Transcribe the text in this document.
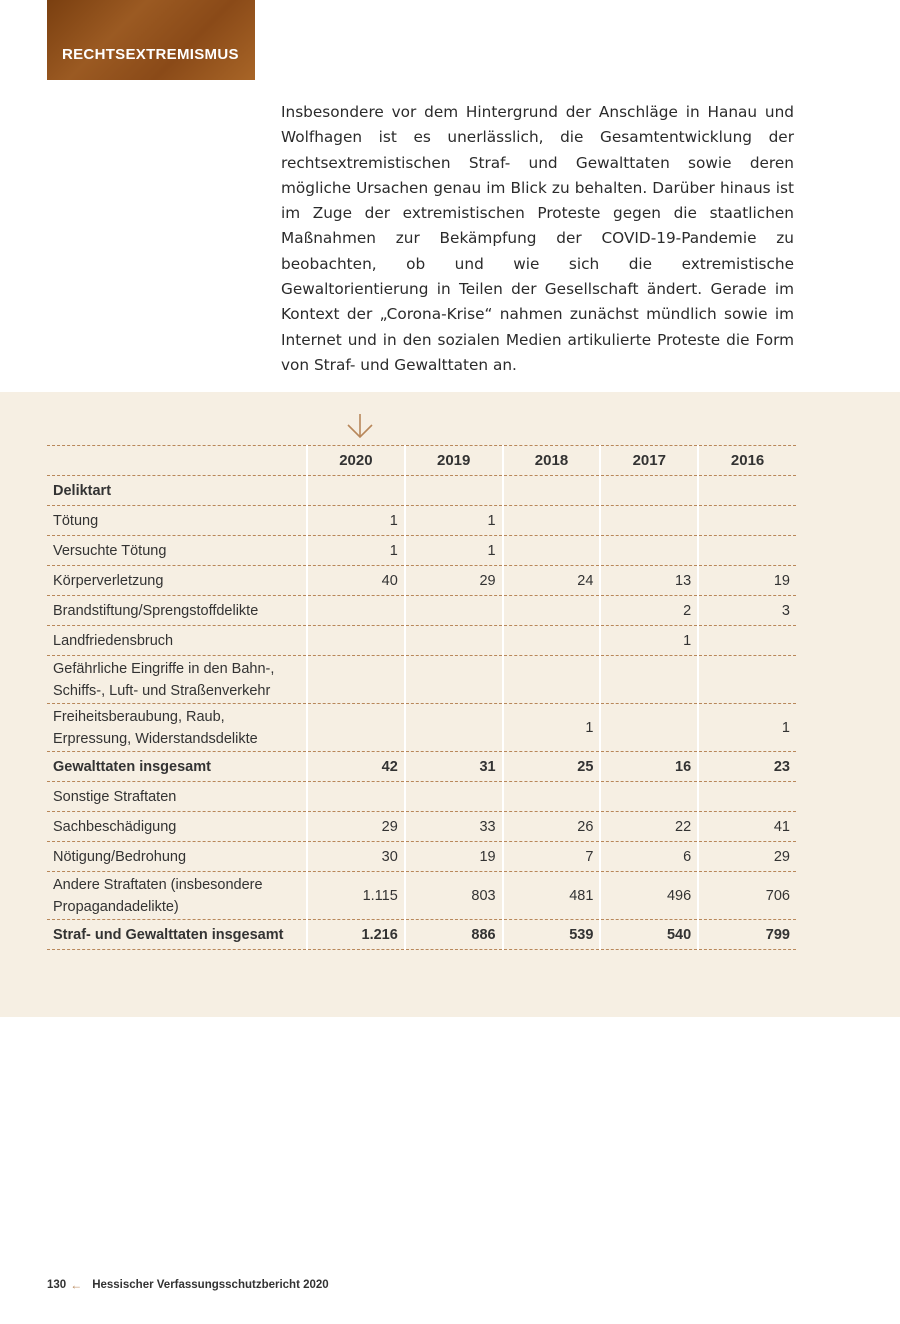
RECHTSEXTREMISMUS

Insbesondere vor dem Hintergrund der Anschläge in Hanau und Wolfhagen ist es unerlässlich, die Gesamtentwicklung der rechtsextremistischen Straf- und Gewalttaten sowie deren mögliche Ursachen genau im Blick zu behalten. Darüber hinaus ist im Zuge der extremistischen Proteste gegen die staatlichen Maßnahmen zur Bekämpfung der COVID-19-Pandemie zu beobachten, ob und wie sich die extremistische Gewaltorientierung in Teilen der Gesellschaft ändert. Gerade im Kontext der „Corona-Krise“ nahmen zunächst mündlich sowie im Internet und in den sozialen Medien artikulierte Proteste die Form von Straf- und Gewalttaten an.

	2020	2019	2018	2017	2016
Deliktart					
Tötung	1	1			
Versuchte Tötung	1	1			
Körperverletzung	40	29	24	13	19
Brandstiftung/Sprengstoffdelikte				2	3
Landfriedensbruch				1	
Gefährliche Eingriffe in den Bahn-, Schiffs-, Luft- und Straßenverkehr					
Freiheitsberaubung, Raub, Erpressung, Widerstandsdelikte			1		1
Gewalttaten insgesamt	42	31	25	16	23
Sonstige Straftaten					
Sachbeschädigung	29	33	26	22	41
Nötigung/Bedrohung	30	19	7	6	29
Andere Straftaten (insbesondere Propagandadelikte)	1.115	803	481	496	706
Straf- und Gewalttaten insgesamt	1.216	886	539	540	799
130 ← Hessischer Verfassungsschutzbericht 2020
